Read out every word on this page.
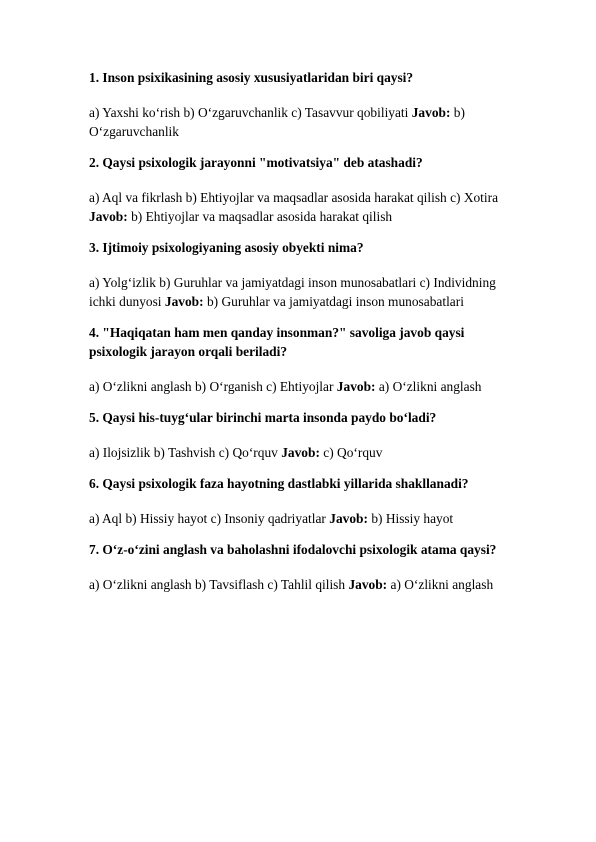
1. Inson psixikasining asosiy xususiyatlaridan biri qaysi?

a) Yaxshi koʻrish b) Oʻzgaruvchanlik c) Tasavvur qobiliyati Javob: b) Oʻzgaruvchanlik

2. Qaysi psixologik jarayonni "motivatsiya" deb atashadi?

a) Aql va fikrlash b) Ehtiyojlar va maqsadlar asosida harakat qilish c) Xotira Javob: b) Ehtiyojlar va maqsadlar asosida harakat qilish

3. Ijtimoiy psixologiyaning asosiy obyekti nima?

a) Yolgʻizlik b) Guruhlar va jamiyatdagi inson munosabatlari c) Individning ichki dunyosi Javob: b) Guruhlar va jamiyatdagi inson munosabatlari

4. "Haqiqatan ham men qanday insonman?" savoliga javob qaysi psixologik jarayon orqali beriladi?

a) Oʻzlikni anglash b) Oʻrganish c) Ehtiyojlar Javob: a) Oʻzlikni anglash

5. Qaysi his-tuygʻular birinchi marta insonda paydo boʻladi?

a) Ilojsizlik b) Tashvish c) Qoʻrquv Javob: c) Qoʻrquv

6. Qaysi psixologik faza hayotning dastlabki yillarida shakllanadi?

a) Aql b) Hissiy hayot c) Insoniy qadriyatlar Javob: b) Hissiy hayot

7. Oʻz-oʻzini anglash va baholashni ifodalovchi psixologik atama qaysi?

a) Oʻzlikni anglash b) Tavsiflash c) Tahlil qilish Javob: a) Oʻzlikni anglash
